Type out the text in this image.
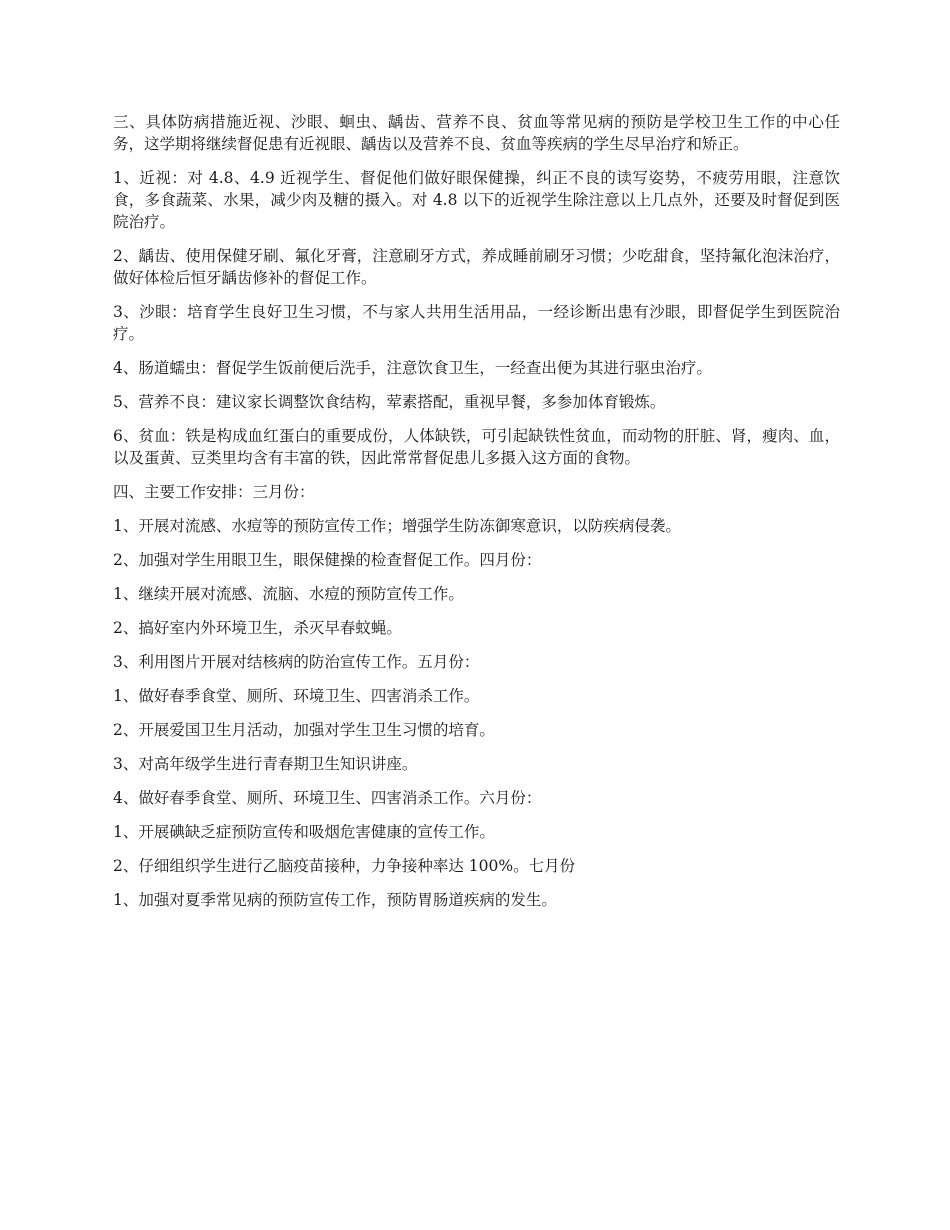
三、具体防病措施近视、沙眼、蛔虫、龋齿、营养不良、贫血等常见病的预防是学校卫生工作的中心任务，这学期将继续督促患有近视眼、龋齿以及营养不良、贫血等疾病的学生尽早治疗和矫正。

1、近视：对 4.8、4.9 近视学生、督促他们做好眼保健操，纠正不良的读写姿势，不疲劳用眼，注意饮食，多食蔬菜、水果，减少肉及糖的摄入。对 4.8 以下的近视学生除注意以上几点外，还要及时督促到医院治疗。

2、龋齿、使用保健牙刷、氟化牙膏，注意刷牙方式，养成睡前刷牙习惯；少吃甜食，坚持氟化泡沫治疗，做好体检后恒牙龋齿修补的督促工作。

3、沙眼：培育学生良好卫生习惯，不与家人共用生活用品，一经诊断出患有沙眼，即督促学生到医院治疗。

4、肠道蠕虫：督促学生饭前便后洗手，注意饮食卫生，一经查出便为其进行驱虫治疗。

5、营养不良：建议家长调整饮食结构，荤素搭配，重视早餐，多参加体育锻炼。

6、贫血：铁是构成血红蛋白的重要成份，人体缺铁，可引起缺铁性贫血，而动物的肝脏、肾，瘦肉、血，以及蛋黄、豆类里均含有丰富的铁，因此常常督促患儿多摄入这方面的食物。

四、主要工作安排：三月份：

1、开展对流感、水痘等的预防宣传工作；增强学生防冻御寒意识，以防疾病侵袭。

2、加强对学生用眼卫生，眼保健操的检查督促工作。四月份：

1、继续开展对流感、流脑、水痘的预防宣传工作。

2、搞好室内外环境卫生，杀灭早春蚊蝇。

3、利用图片开展对结核病的防治宣传工作。五月份：

1、做好春季食堂、厕所、环境卫生、四害消杀工作。

2、开展爱国卫生月活动，加强对学生卫生习惯的培育。

3、对高年级学生进行青春期卫生知识讲座。

4、做好春季食堂、厕所、环境卫生、四害消杀工作。六月份：

1、开展碘缺乏症预防宣传和吸烟危害健康的宣传工作。

2、仔细组织学生进行乙脑疫苗接种，力争接种率达 100%。七月份

1、加强对夏季常见病的预防宣传工作，预防胃肠道疾病的发生。
